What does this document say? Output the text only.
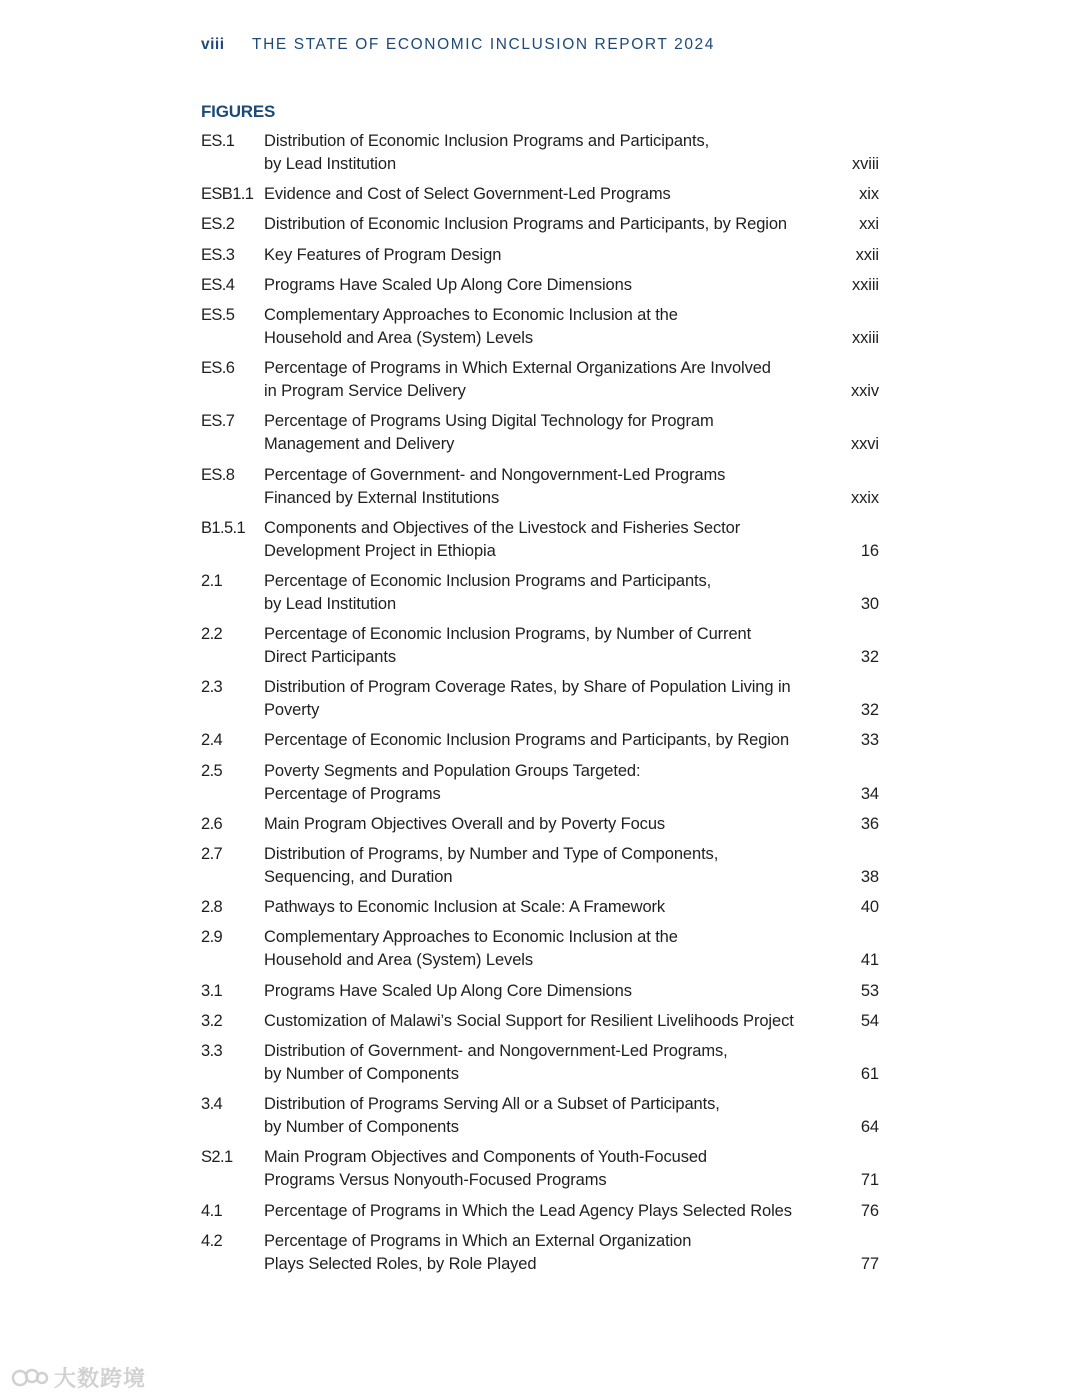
viii	THE STATE OF ECONOMIC INCLUSION REPORT 2024
FIGURES
ES.1	Distribution of Economic Inclusion Programs and Participants,
by Lead Institution	xviii
ESB1.1 Evidence and Cost of Select Government-Led Programs	xix
ES.2	Distribution of Economic Inclusion Programs and Participants, by Region	xxi
ES.3	Key Features of Program Design	xxii
ES.4	Programs Have Scaled Up Along Core Dimensions	xxiii
ES.5	Complementary Approaches to Economic Inclusion at the
Household and Area (System) Levels	xxiii
ES.6	Percentage of Programs in Which External Organizations Are Involved
in Program Service Delivery	xxiv
ES.7	Percentage of Programs Using Digital Technology for Program
Management and Delivery	xxvi
ES.8	Percentage of Government- and Nongovernment-Led Programs
Financed by External Institutions	xxix
B1.5.1	Components and Objectives of the Livestock and Fisheries Sector
Development Project in Ethiopia	16
2.1	Percentage of Economic Inclusion Programs and Participants,
by Lead Institution	30
2.2	Percentage of Economic Inclusion Programs, by Number of Current
Direct Participants	32
2.3	Distribution of Program Coverage Rates, by Share of Population Living in
Poverty	32
2.4	Percentage of Economic Inclusion Programs and Participants, by Region	33
2.5	Poverty Segments and Population Groups Targeted:
Percentage of Programs	34
2.6	Main Program Objectives Overall and by Poverty Focus	36
2.7	Distribution of Programs, by Number and Type of Components,
Sequencing, and Duration	38
2.8	Pathways to Economic Inclusion at Scale: A Framework	40
2.9	Complementary Approaches to Economic Inclusion at the
Household and Area (System) Levels	41
3.1	Programs Have Scaled Up Along Core Dimensions	53
3.2	Customization of Malawi’s Social Support for Resilient Livelihoods Project	54
3.3	Distribution of Government- and Nongovernment-Led Programs,
by Number of Components	61
3.4	Distribution of Programs Serving All or a Subset of Participants,
by Number of Components	64
S2.1	Main Program Objectives and Components of Youth-Focused
Programs Versus Nonyouth-Focused Programs	71
4.1	Percentage of Programs in Which the Lead Agency Plays Selected Roles	76
4.2	Percentage of Programs in Which an External Organization
Plays Selected Roles, by Role Played	77
大数跨境
